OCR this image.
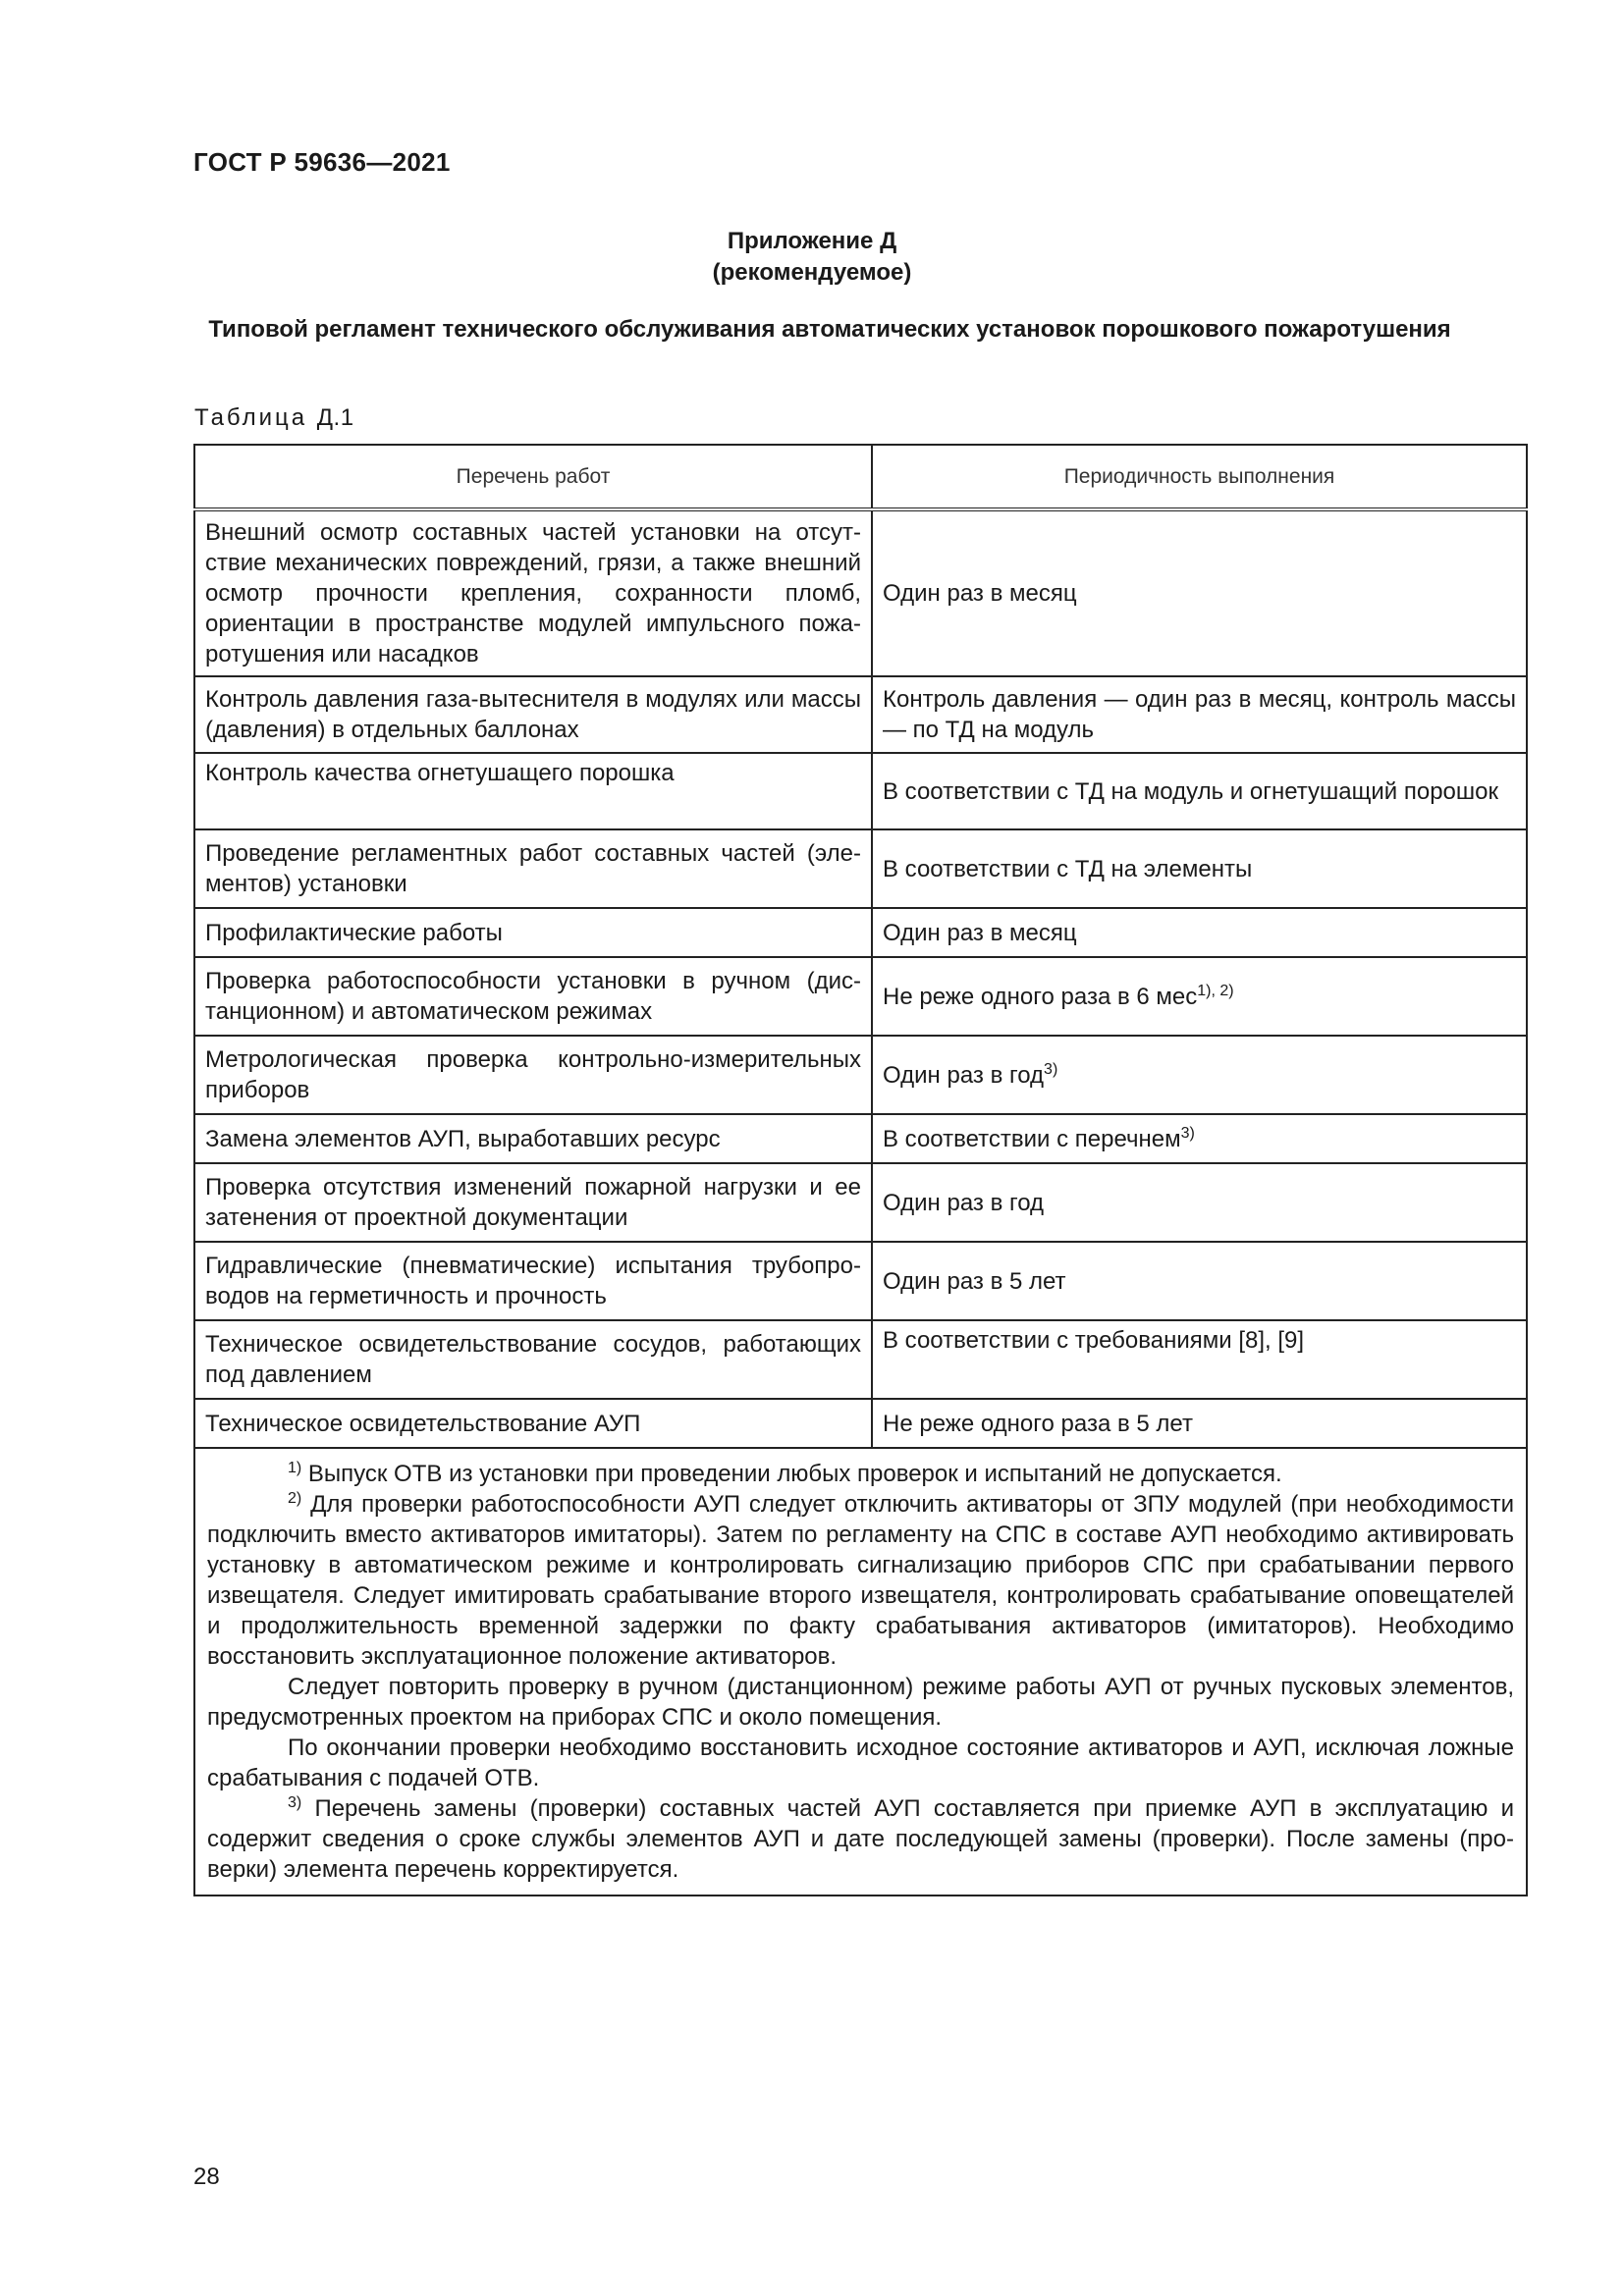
ГОСТ Р 59636—2021
Приложение Д
(рекомендуемое)
Типовой регламент технического обслуживания автоматических установок порошкового пожаротушения
Таблица Д.1
Перечень работ	Периодичность выполнения
Внешний осмотр составных частей установки на отсутствие механических повреждений, грязи, а также внешний осмотр прочности крепления, сохранности пломб, ориентации в пространстве модулей импульсного пожаротушения или насадков	Один раз в месяц
Контроль давления газа-вытеснителя в модулях или массы (давления) в отдельных баллонах	Контроль давления — один раз в месяц, контроль массы — по ТД на модуль
Контроль качества огнетушащего порошка	В соответствии с ТД на модуль и огнетушащий порошок
Проведение регламентных работ составных частей (элементов) установки	В соответствии с ТД на элементы
Профилактические работы	Один раз в месяц
Проверка работоспособности установки в ручном (дистанционном) и автоматическом режимах	Не реже одного раза в 6 мес$^{1), 2)}$
Метрологическая проверка контрольно-измерительных приборов	Один раз в год$^{3)}$
Замена элементов АУП, выработавших ресурс	В соответствии с перечнем$^{3)}$
Проверка отсутствия изменений пожарной нагрузки и ее затенения от проектной документации	Один раз в год
Гидравлические (пневматические) испытания трубопроводов на герметичность и прочность	Один раз в 5 лет
Техническое освидетельствование сосудов, работающих под давлением	В соответствии с требованиями [8], [9]
Техническое освидетельствование АУП	Не реже одного раза в 5 лет

$^{1)}$ Выпуск ОТВ из установки при проведении любых проверок и испытаний не допускается.

$^{2)}$ Для проверки работоспособности АУП следует отключить активаторы от ЗПУ модулей (при необходимости подключить вместо активаторов имитаторы). Затем по регламенту на СПС в составе АУП необходимо активировать установку в автоматическом режиме и контролировать сигнализацию приборов СПС при срабатывании первого извещателя. Следует имитировать срабатывание второго извещателя, контролировать срабатывание оповещателей и продолжительность временной задержки по факту срабатывания активаторов (имитаторов). Необходимо восстановить эксплуатационное положение активаторов.

Следует повторить проверку в ручном (дистанционном) режиме работы АУП от ручных пусковых элементов, предусмотренных проектом на приборах СПС и около помещения.

По окончании проверки необходимо восстановить исходное состояние активаторов и АУП, исключая ложные срабатывания с подачей ОТВ.

$^{3)}$ Перечень замены (проверки) составных частей АУП составляется при приемке АУП в эксплуатацию и содержит сведения о сроке службы элементов АУП и дате последующей замены (проверки). После замены (проверки) элемента перечень корректируется.	

28
